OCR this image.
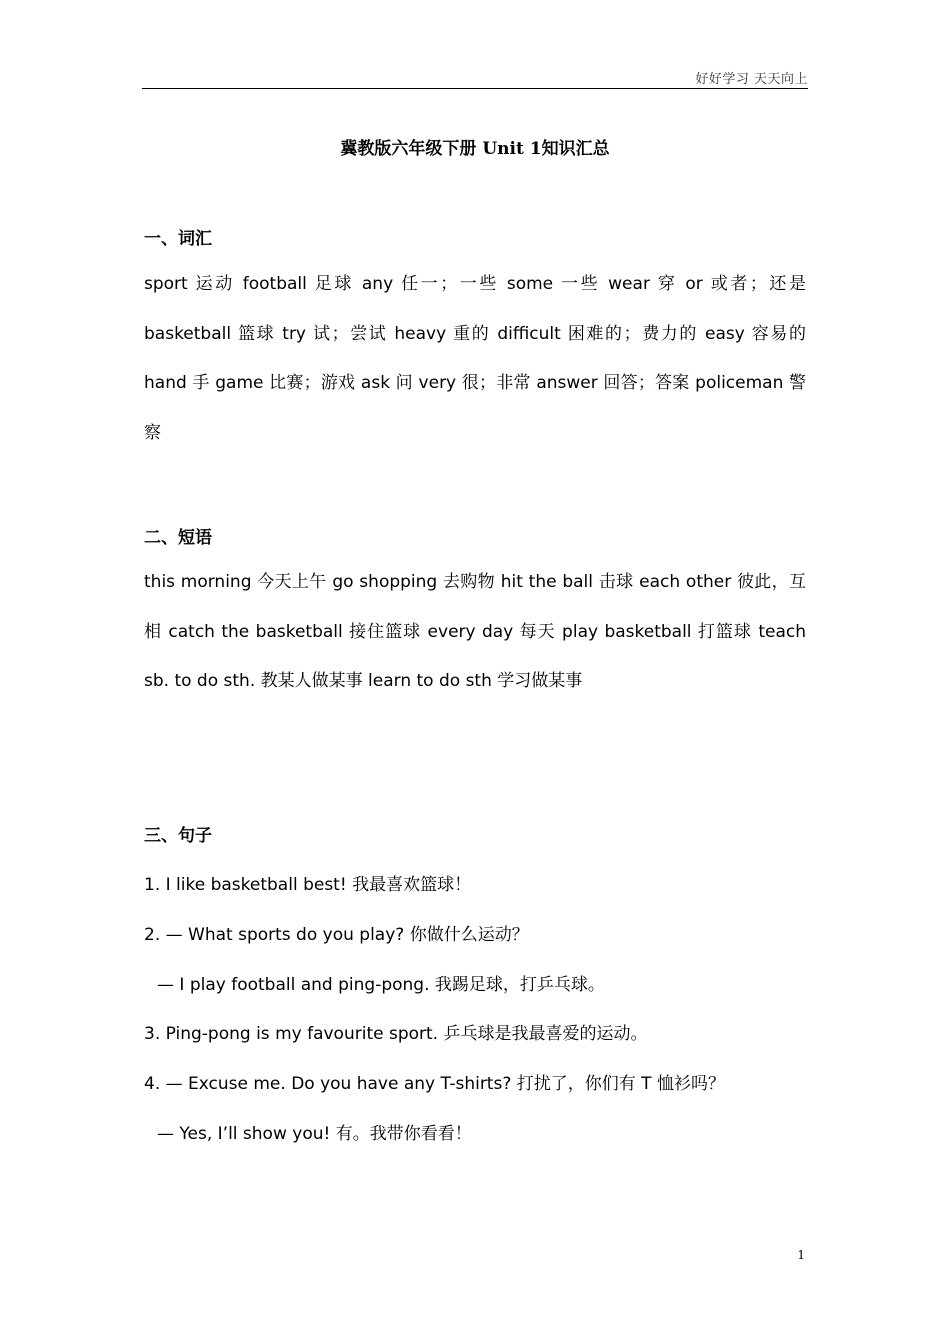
好好学习 天天向上
冀教版六年级下册 Unit 1知识汇总
一、词汇

sport 运动 football 足球 any 任一；一些 some 一些 wear 穿 or 或者；还是 basketball 篮球 try 试；尝试 heavy 重的 difficult 困难的；费力的 easy 容易的 hand 手 game 比赛；游戏 ask 问 very 很；非常 answer 回答；答案 policeman 警察

二、短语

this morning 今天上午 go shopping 去购物 hit the ball 击球 each other 彼此，互相 catch the basketball 接住篮球 every day 每天 play basketball 打篮球 teach sb. to do sth. 教某人做某事 learn to do sth 学习做某事

三、句子
1. I like basketball best! 我最喜欢篮球！
2. — What sports do you play? 你做什么运动？
— I play football and ping-pong. 我踢足球，打乒乓球。
3. Ping-pong is my favourite sport. 乒乓球是我最喜爱的运动。
4. — Excuse me. Do you have any T-shirts? 打扰了，你们有 T 恤衫吗？
— Yes, I’ll show you! 有。我带你看看！
1
